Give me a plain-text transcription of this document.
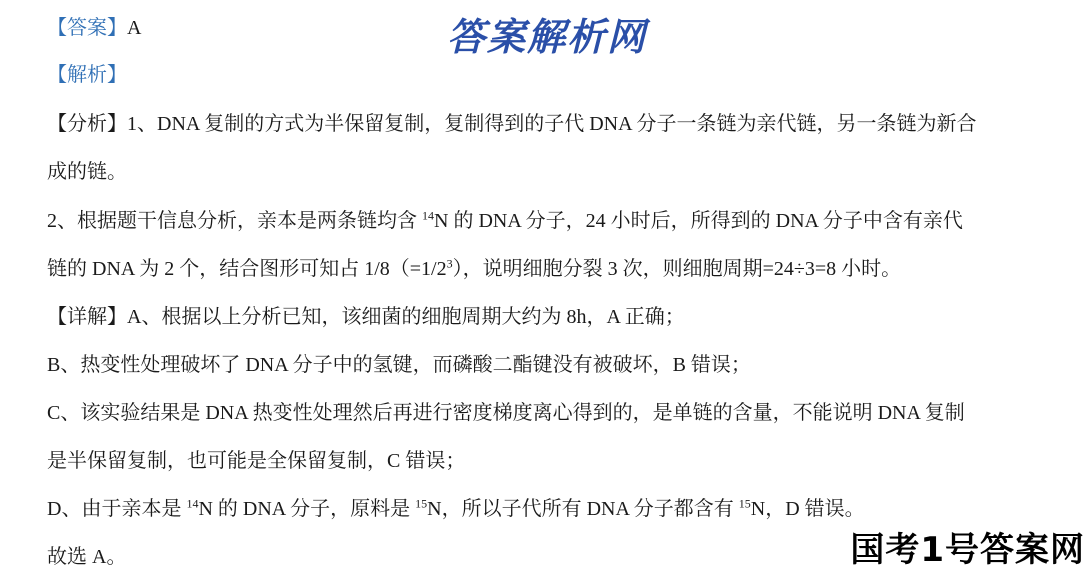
答案解析网
国考1号答案网
【答案】A
【解析】
【分析】1、DNA 复制的方式为半保留复制，复制得到的子代 DNA 分子一条链为亲代链，另一条链为新合
成的链。
2、根据题干信息分析，亲本是两条链均含 $^{14}$N 的 DNA 分子，24 小时后，所得到的 DNA 分子中含有亲代
链的 DNA 为 2 个，结合图形可知占 $1/8(=1/2^3)$，说明细胞分裂 3 次，则细胞周期=24÷3=8 小时。
【详解】A、根据以上分析已知，该细菌的细胞周期大约为 8h，A 正确；
B、热变性处理破坏了 DNA 分子中的氢键，而磷酸二酯键没有被破坏，B 错误；
C、该实验结果是 DNA 热变性处理然后再进行密度梯度离心得到的，是单链的含量，不能说明 DNA 复制
是半保留复制，也可能是全保留复制，C 错误；
D、由于亲本是 $^{14}$N 的 DNA 分子，原料是 $^{15}$N，所以子代所有 DNA 分子都含有 $^{15}$N，D 错误。
故选 A。
